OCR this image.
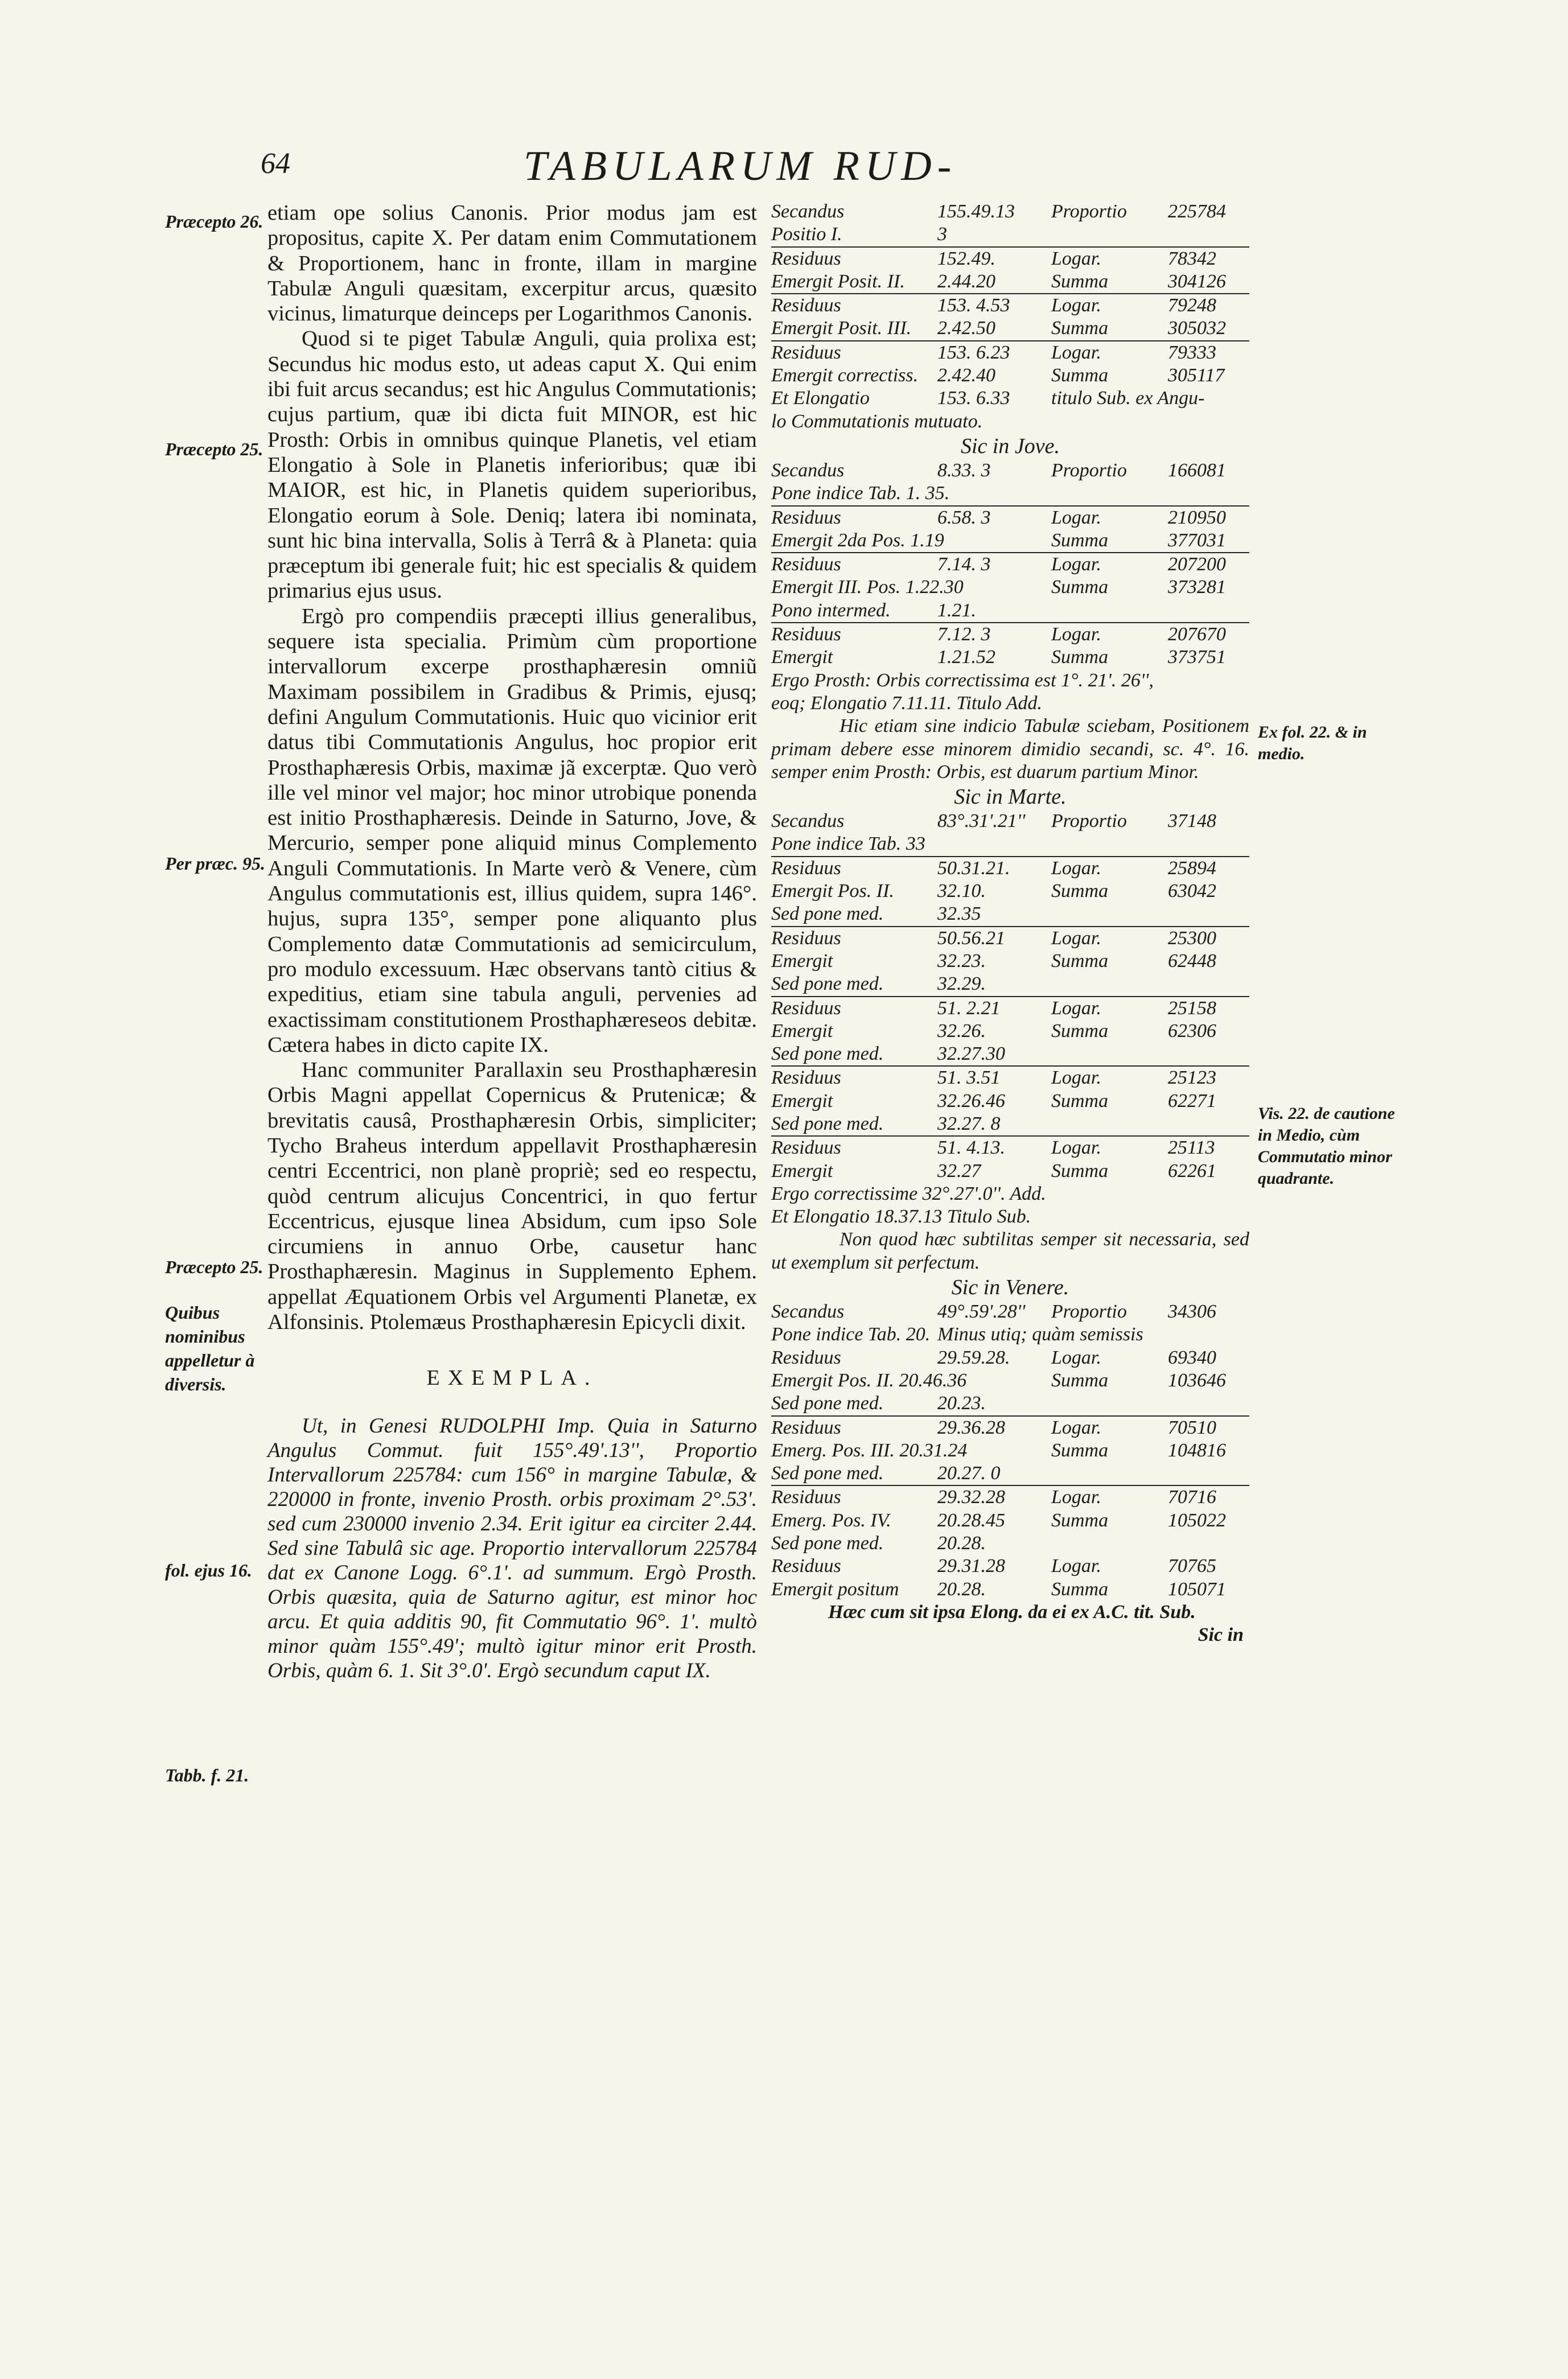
64	TABULARUM RUD-
Præcepto 26.
Præcepto 25.
Per præc. 95.
Præcepto 25.
Quibus nominibus appelletur à diversis.
fol. ejus 16.
Tabb. f. 21.
Ex fol. 22. & in medio.
Vis. 22. de cautione in Medio, cùm Commutatio minor quadrante.

etiam ope solius Canonis. Prior modus jam est propositus, capite X. Per datam enim Commutationem & Proportionem, hanc in fronte, illam in margine Tabulæ Anguli quæsitam, excerpitur arcus, quæsito vicinus, limaturque deinceps per Logarithmos Canonis.

Quod si te piget Tabulæ Anguli, quia prolixa est; Secundus hic modus esto, ut adeas caput X. Qui enim ibi fuit arcus secandus; est hic Angulus Commutationis; cujus partium, quæ ibi dicta fuit MINOR, est hic Prosth: Orbis in omnibus quinque Planetis, vel etiam Elongatio à Sole in Planetis inferioribus; quæ ibi MAIOR, est hic, in Planetis quidem superioribus, Elongatio eorum à Sole. Deniq; latera ibi nominata, sunt hic bina intervalla, Solis à Terrâ & à Planeta: quia præceptum ibi generale fuit; hic est specialis & quidem primarius ejus usus.

Ergò pro compendiis præcepti illius generalibus, sequere ista specialia. Primùm cùm proportione intervallorum excerpe prosthaphæresin omniũ Maximam possibilem in Gradibus & Primis, ejusq; defini Angulum Commutationis. Huic quo vicinior erit datus tibi Commutationis Angulus, hoc propior erit Prosthaphæresis Orbis, maximæ jã excerptæ. Quo verò ille vel minor vel major; hoc minor utrobique ponenda est initio Prosthaphæresis. Deinde in Saturno, Jove, & Mercurio, semper pone aliquid minus Complemento Anguli Commutationis. In Marte verò & Venere, cùm Angulus commutationis est, illius quidem, supra 146°. hujus, supra 135°, semper pone aliquanto plus Complemento datæ Commutationis ad semicirculum, pro modulo excessuum. Hæc observans tantò citius & expeditius, etiam sine tabula anguli, pervenies ad exactissimam constitutionem Prosthaphæreseos debitæ. Cætera habes in dicto capite IX.

Hanc communiter Parallaxin seu Prosthaphæresin Orbis Magni appellat Copernicus & Prutenicæ; & brevitatis causâ, Prosthaphæresin Orbis, simpliciter; Tycho Braheus interdum appellavit Prosthaphæresin centri Eccentrici, non planè propriè; sed eo respectu, quòd centrum alicujus Concentrici, in quo fertur Eccentricus, ejusque linea Absidum, cum ipso Sole circumiens in annuo Orbe, causetur hanc Prosthaphæresin. Maginus in Supplemento Ephem. appellat Æquationem Orbis vel Argumenti Planetæ, ex Alfonsinis. Ptolemæus Prosthaphæresin Epicycli dixit.

EXEMPLA.

Ut, in Genesi RUDOLPHI Imp. Quia in Saturno Angulus Commut. fuit 155°.49'.13'', Proportio Intervallorum 225784: cum 156° in margine Tabulæ, & 220000 in fronte, invenio Prosth. orbis proximam 2°.53'. sed cum 230000 invenio 2.34. Erit igitur ea circiter 2.44. Sed sine Tabulâ sic age. Proportio intervallorum 225784 dat ex Canone Logg. 6°.1'. ad summum. Ergò Prosth. Orbis quæsita, quia de Saturno agitur, est minor hoc arcu. Et quia additis 90, fit Commutatio 96°. 1'. multò minor quàm 155°.49'; multò igitur minor erit Prosth. Orbis, quàm 6. 1. Sit 3°.0'. Ergò secundum caput IX.

Secandus	155.49.13	Proportio	225784
Positio I.	3
Residuus	152.49.	Logar.	78342
Emergit Posit. II.	2.44.20	Summa	304126
Residuus	153. 4.53	Logar.	79248
Emergit Posit. III.	2.42.50	Summa	305032
Residuus	153. 6.23	Logar.	79333
Emergit correctiss. 2.42.40	Summa	305117
Et Elongatio	153. 6.33	titulo Sub. ex Angu-
lo Commutationis mutuato.
Sic in Jove.
Secandus	8.33. 3	Proportio	166081
Pone indice Tab. 1. 35.
Residuus	6.58. 3	Logar.	210950
Emergit 2da Pos. 1.19	Summa	377031
Residuus	7.14. 3	Logar.	207200
Emergit III. Pos. 1.22.30	Summa	373281
Pono intermed.	1.21.
Residuus	7.12. 3	Logar.	207670
Emergit	1.21.52	Summa	373751
Ergo Prosth: Orbis correctissima est 1°. 21'. 26'',
eoq; Elongatio 7.11.11. Titulo Add.
Hic etiam sine indicio Tabulæ sciebam, Positionem primam debere esse minorem dimidio secandi, sc. 4°. 16. semper enim Prosth: Orbis, est duarum partium Minor.
Sic in Marte.
Secandus	83°.31'.21''	Proportio	37148
Pone indice Tab. 33
Residuus	50.31.21.	Logar.	25894
Emergit Pos. II.	32.10.	Summa	63042
Sed pone med.	32.35
Residuus	50.56.21	Logar.	25300
Emergit	32.23.	Summa	62448
Sed pone med.	32.29.
Residuus	51. 2.21	Logar.	25158
Emergit	32.26.	Summa	62306
Sed pone med.	32.27.30
Residuus	51. 3.51	Logar.	25123
Emergit	32.26.46	Summa	62271
Sed pone med.	32.27. 8
Residuus	51. 4.13.	Logar.	25113
Emergit	32.27	Summa	62261
Ergo correctissime 32°.27'.0''. Add.
Et Elongatio 18.37.13 Titulo Sub.
Non quod hæc subtilitas semper sit necessaria, sed ut exemplum sit perfectum.
Sic in Venere.
Secandus	49°.59'.28''	Proportio	34306
Pone indice Tab. 20. Minus utiq; quàm semissis
Residuus	29.59.28.	Logar.	69340
Emergit Pos. II. 20.46.36	Summa	103646
Sed pone med.	20.23.
Residuus	29.36.28	Logar.	70510
Emerg. Pos. III. 20.31.24	Summa	104816
Sed pone med.	20.27. 0
Residuus	29.32.28	Logar.	70716
Emerg. Pos. IV.	20.28.45	Summa	105022
Sed pone med.	20.28.
Residuus	29.31.28	Logar.	70765
Emergit positum	20.28.	Summa	105071
Hæc cum sit ipsa Elong. da ei ex A.C. tit. Sub.
Sic in
